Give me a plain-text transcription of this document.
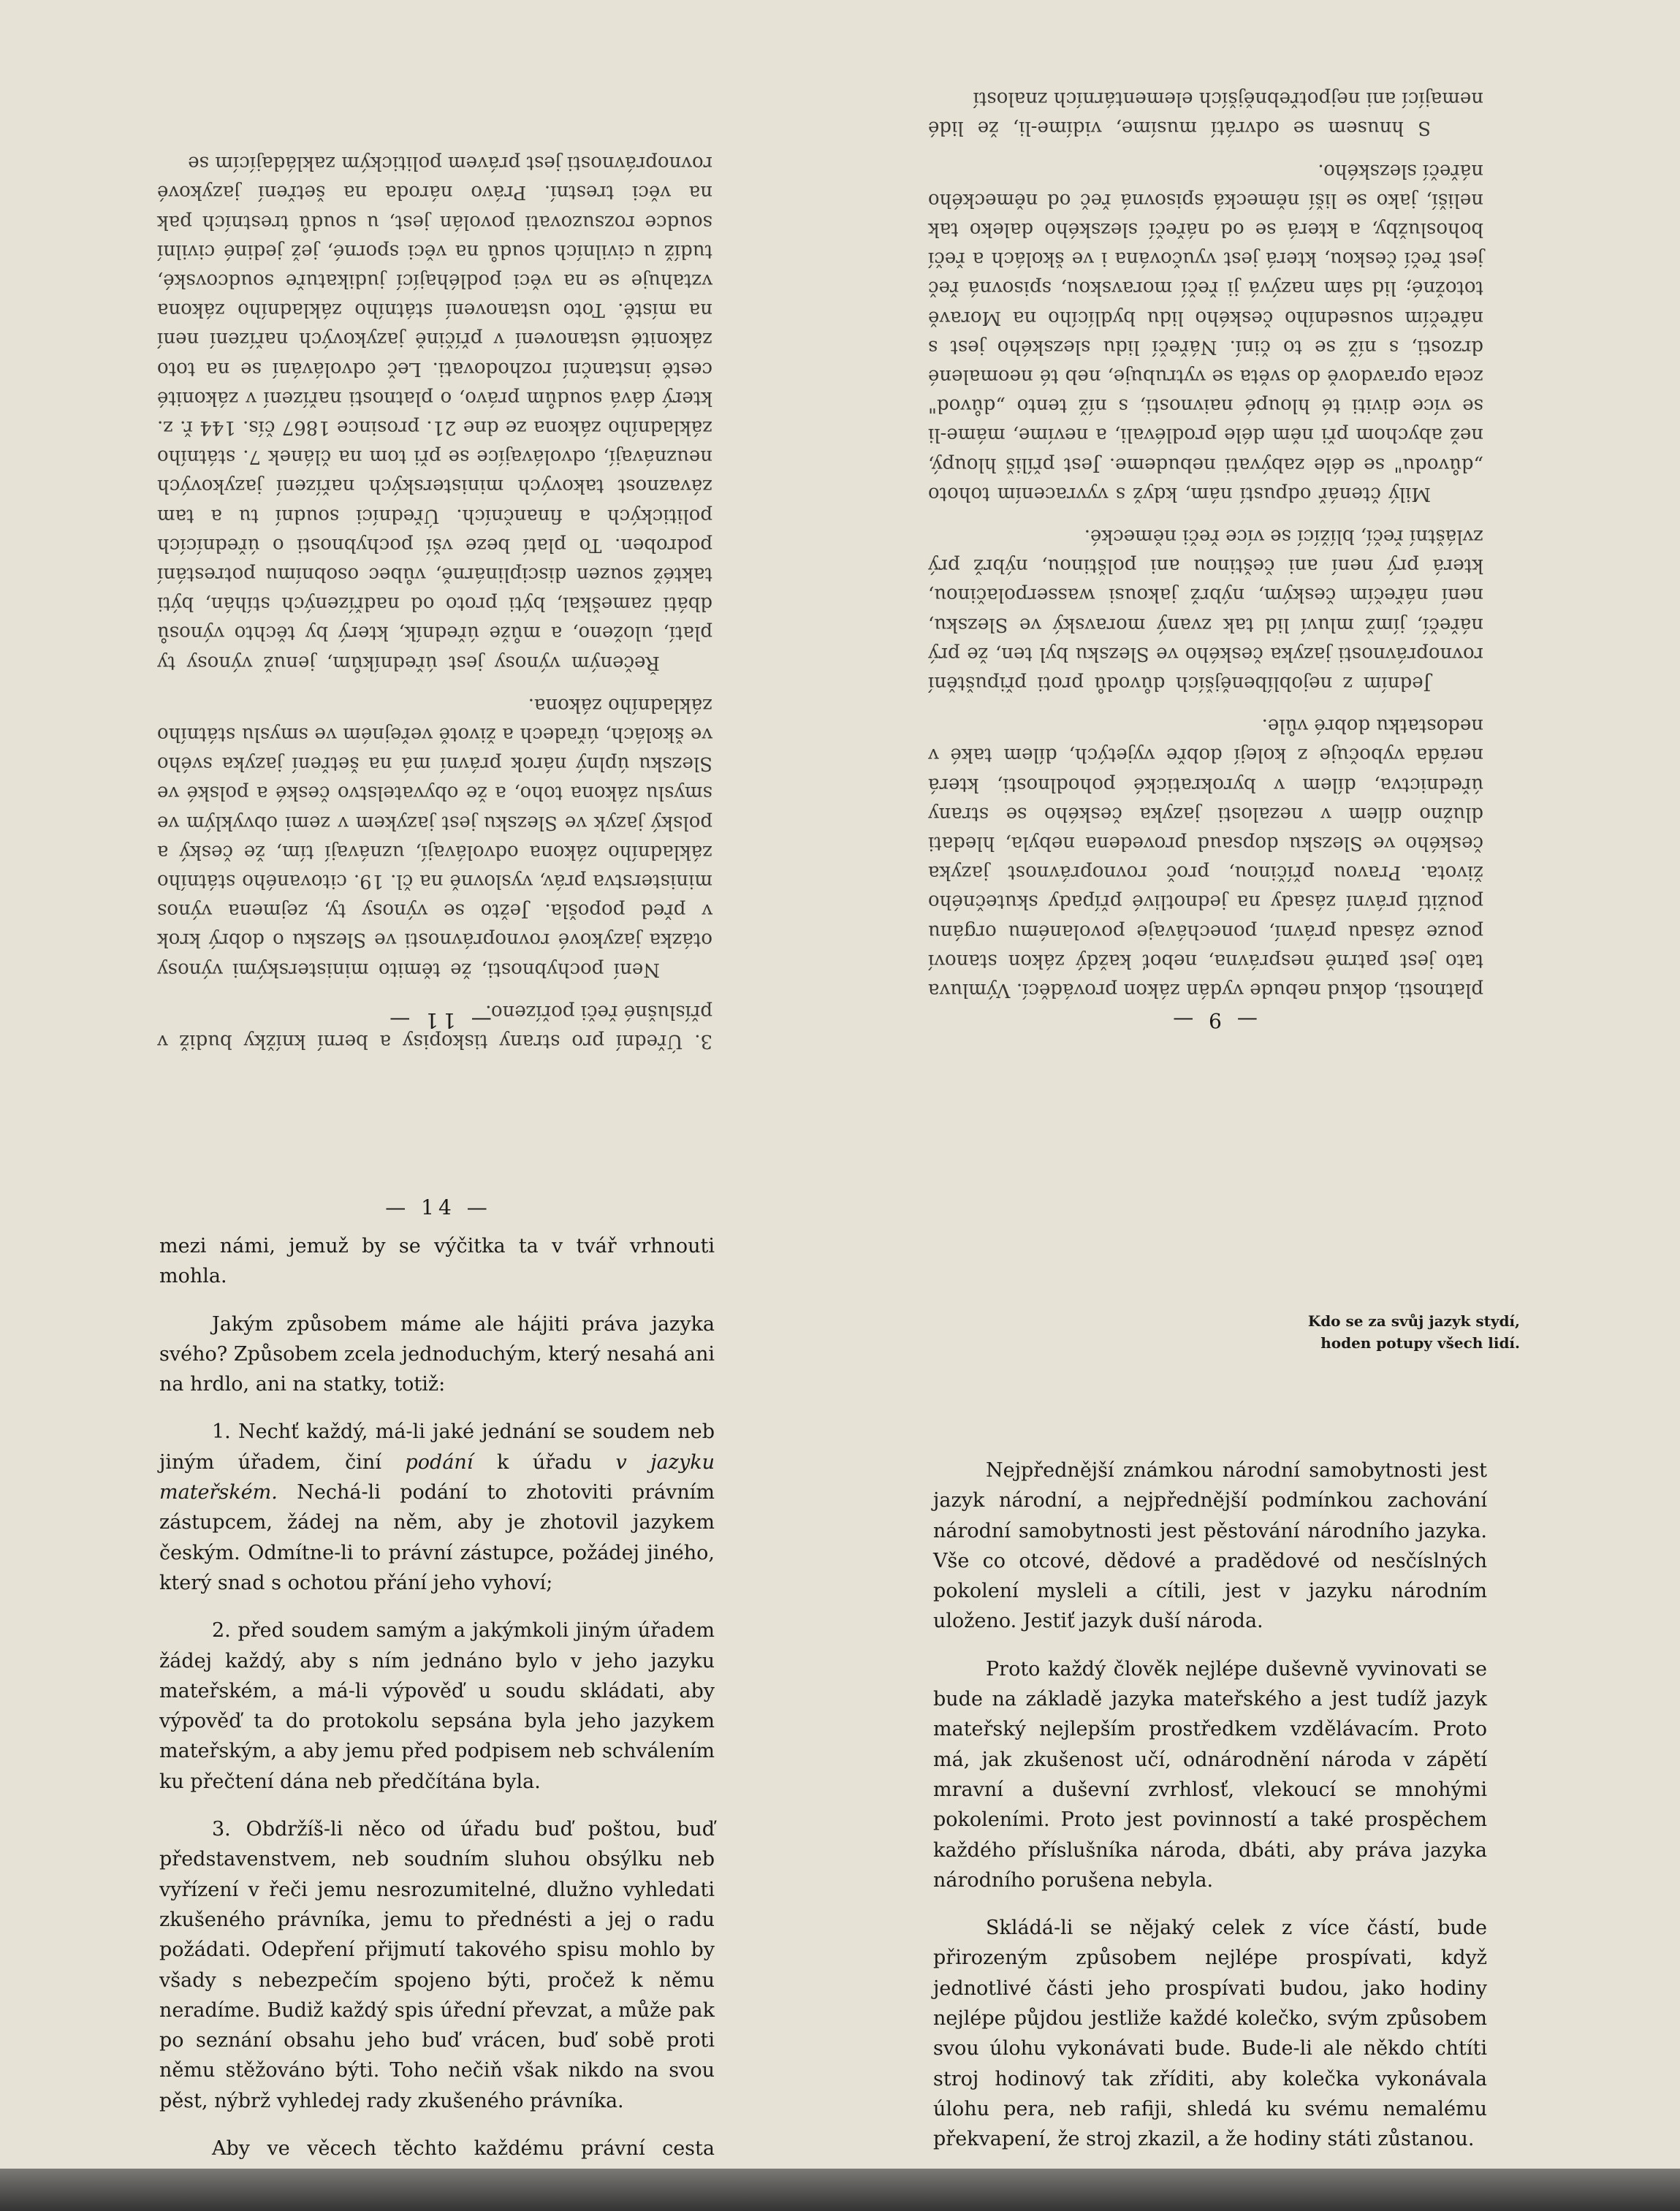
3. Úřední pro strany tiskopisy a berní knížky budiž v příslušné řeči pořízeno.

Není pochybnosti, že těmito ministerskými výnosy otázka jazykové rovnoprávnosti ve Slezsku o dobrý krok v před popošla. Ježto se výnosy ty, zejmena výnos ministerstva práv, vyslovně na čl. 19. citovaného státního základního zákona odvolávají, uznávají tím, že český a polský jazyk ve Slezsku jest jazykem v zemi obvyklým ve smyslu zákona toho, a že obyvatelstvo české a polské ve Slezsku úplný nárok právní má na šetření jazyka svého ve školách, úřadech a životě veřejném ve smyslu státního základního zákona.

Řečeným výnosy jest úředníkům, jenuž výnosy ty platí, uloženo, a může úředník, který by těchto výnosů dbáti zameškal, býti proto od nadřízených stíhán, býti taktéž souzen disciplinárně, vůbec osobnímu potrestání podroben. To platí beze vší pochybnosti o úřednících politických a finančních. Úředníci soudní tu a tam závaznost takových ministerských nařízení jazykových neuznávají, odvolávajíce se při tom na článek 7. státního základního zákona ze dne 21. prosince 1867 čís. 144 ř. z. který dává soudům právo, o platnosti nařízení v zákonité cestě instanční rozhodovati. Leč odvolávání se na toto zákonité ustanovení v příčině jazykových nařízení není na místě. Toto ustanovení státního základního zákona vztahuje se na věci podléhající judikatuře soudcovské, tudíž u civilních soudů na věci sporné, jež jediné civilní soudce rozsuzovati povolán jest, u soudů trestních pak na věci trestní. Právo národa na šetření jazykové rovnoprávnosti jest právem politickým zakládajícím se

— 11 —

platnosti, dokud nebude vydán zákon prováděcí. Výmluva tato jest patrně nesprávna, neboť každý zákon stanoví pouze zásadu právní, ponechávaje povolanému orgánu použití právní zásady na jednotlivé případy skutečného života. Pravou příčinou, proč rovnoprávnost jazyka českého ve Slezsku dopsaud provedena nebyla, hledati dlužno dílem v nezalosti jazyka českého se strany úřednictva, dílem v byrokratické pohodlnosti, která neráda vybočuje z kolejí dobře vyjetých, dílem také v nedostatku dobré vůle.

Jedním z nejoblíbenějších důvodů proti připuštění rovnoprávnosti jazyka českého ve Slezsku byl ten, že prý nářečí, jímž mluví lid tak zvaný moravský ve Slezsku, není nářečím českým, nýbrž jakousi wasserpolačinou, která prý není ani češtinou ani polštinou, nýbrž prý zvláštní řečí, blížící se více řeči německé.

Milý čtenář odpustí nám, když s vyvracením tohoto „důvodu" se déle zabývati nebudeme. Jest příliš hloupý, než abychom při něm déle prodlévali, a nevíme, máme-li se více diviti té hloupé naivnosti, s níž tento „důvod" zcela opravdově do světa se vytrubuje, neb té neomalené drzosti, s níž se to činí. Nářečí lidu slezského jest s nářečím sousedního českého lidu bydlícího na Moravě totožné; lid sám nazývá ji řečí moravskou, spisovná řeč jest řečí českou, která jest vyučována i ve školách a řečí bohoslužby, a která se od nářečí slezského daleko tak neliší, jako se liší německá spisovná řeč od německého nářečí slezského.

S hnusem se odvrátí musíme, vidíme-li, že lidé nemající ani nejpotřebnějších elementárních znalostí

— 9 —
— 14 —

mezi námi, jemuž by se výčitka ta v tvář vrhnouti mohla.

Jakým způsobem máme ale hájiti práva jazyka svého? Způsobem zcela jednoduchým, který nesahá ani na hrdlo, ani na statky, totiž:

1. Nechť každý, má-li jaké jednání se soudem neb jiným úřadem, činí podání k úřadu v jazyku mateřském. Nechá-li podání to zhotoviti právním zástupcem, žádej na něm, aby je zhotovil jazykem českým. Odmítne-li to právní zástupce, požádej jiného, který snad s ochotou přání jeho vyhoví;

2. před soudem samým a jakýmkoli jiným úřadem žádej každý, aby s ním jednáno bylo v jeho jazyku mateřském, a má-li výpověď u soudu skládati, aby výpověď ta do protokolu sepsána byla jeho jazykem mateřským, a aby jemu před podpisem neb schválením ku přečtení dána neb předčítána byla.

3. Obdržíš-li něco od úřadu buď poštou, buď představenstvem, neb soudním sluhou obsýlku neb vyřízení v řeči jemu nesrozumitelné, dlužno vyhledati zkušeného právníka, jemu to přednésti a jej o radu požádati. Odepření přijmutí takového spisu mohlo by všady s nebezpečím spojeno býti, pročež k němu neradíme. Budiž každý spis úřední převzat, a může pak po seznání obsahu jeho buď vrácen, buď sobě proti němu stěžováno býti. Toho nečiň však nikdo na svou pěst, nýbrž vyhledej rady zkušeného právníka.

Aby ve věcech těchto každému právní cesta

Kdo se za svůj jazyk stydí,
hoden potupy všech lidí.

Nejpřednější známkou národní samobytnosti jest jazyk národní, a nejpřednější podmínkou zachování národní samobytnosti jest pěstování národního jazyka. Vše co otcové, dědové a pradědové od nesčíslných pokolení mysleli a cítili, jest v jazyku národním uloženo. Jestiť jazyk duší národa.

Proto každý člověk nejlépe duševně vyvinovati se bude na základě jazyka mateřského a jest tudíž jazyk mateřský nejlepším prostředkem vzdělávacím. Proto má, jak zkušenost učí, odnárodnění národa v zápětí mravní a duševní zvrhlosť, vlekoucí se mnohými pokoleními. Proto jest povinností a také prospěchem každého příslušníka národa, dbáti, aby práva jazyka národního porušena nebyla.

Skládá-li se nějaký celek z více částí, bude přirozeným způsobem nejlépe prospívati, když jednotlivé části jeho prospívati budou, jako hodiny nejlépe půjdou jestliže každé kolečko, svým způsobem svou úlohu vykonávati bude. Bude-li ale někdo chtíti stroj hodinový tak zříditi, aby kolečka vykonávala úlohu pera, neb rafiji, shledá ku svému nemalému překvapení, že stroj zkazil, a že hodiny státi zůstanou.
